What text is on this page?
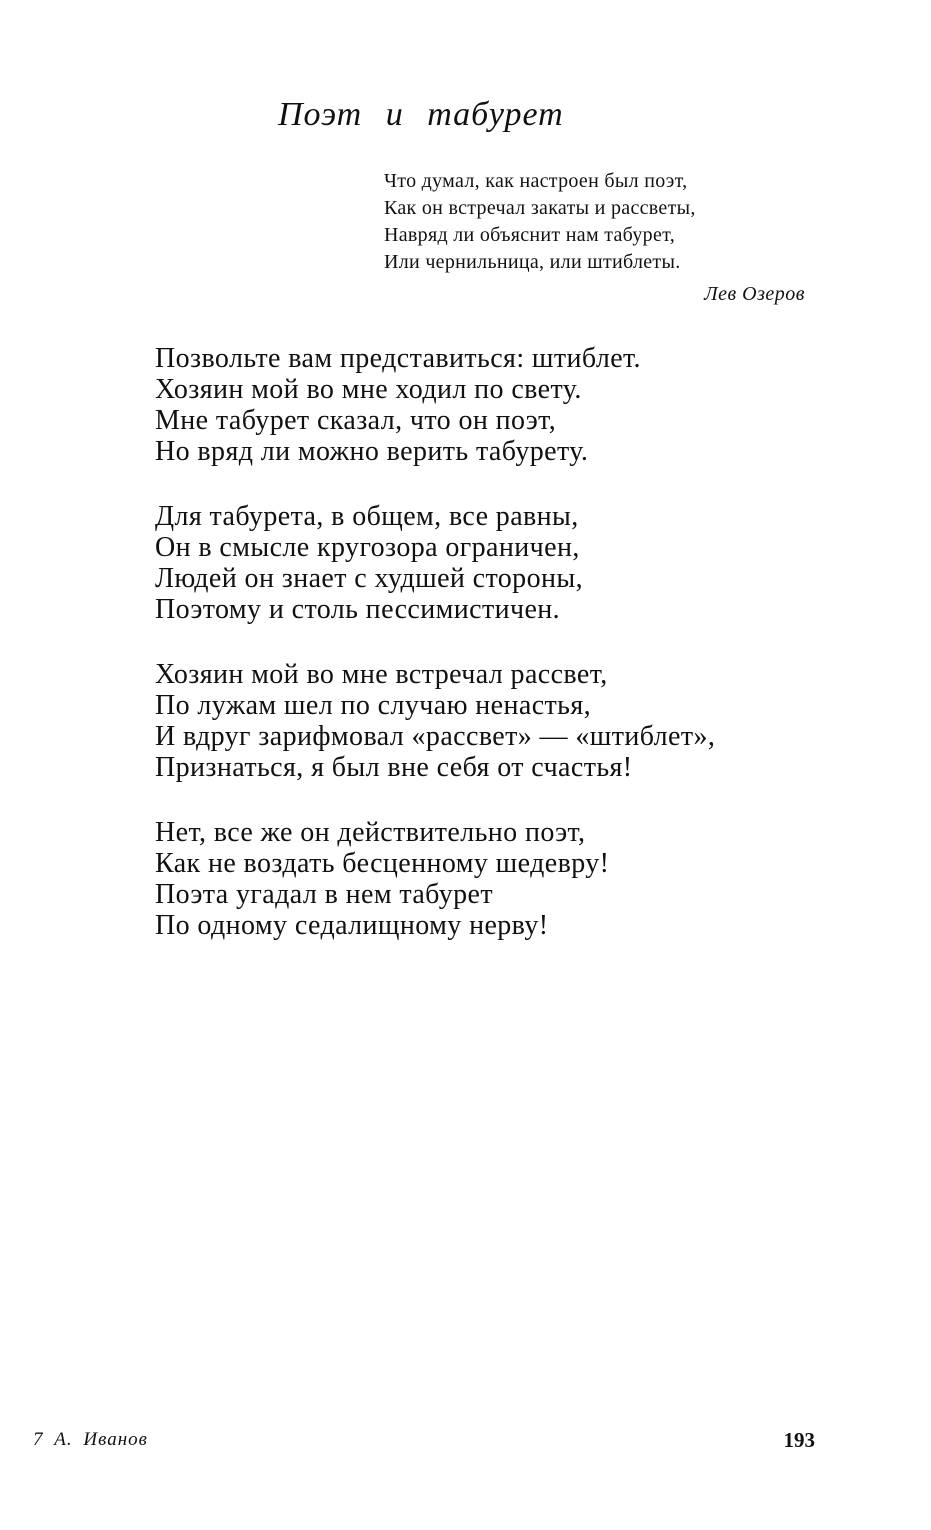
Поэт и табурет
Что думал, как настроен был поэт,
Как он встречал закаты и рассветы,
Навряд ли объяснит нам табурет,
Или чернильница, или штиблеты.
Лев Озеров
Позвольте вам представиться: штиблет.
Хозяин мой во мне ходил по свету.
Мне табурет сказал, что он поэт,
Но вряд ли можно верить табурету.
Для табурета, в общем, все равны,
Он в смысле кругозора ограничен,
Людей он знает с худшей стороны,
Поэтому и столь пессимистичен.
Хозяин мой во мне встречал рассвет,
По лужам шел по случаю ненастья,
И вдруг зарифмовал «рассвет» — «штиблет»,
Признаться, я был вне себя от счастья!
Нет, все же он действительно поэт,
Как не воздать бесценному шедевру!
Поэта угадал в нем табурет
По одному седалищному нерву!
7 А. Иванов	193
